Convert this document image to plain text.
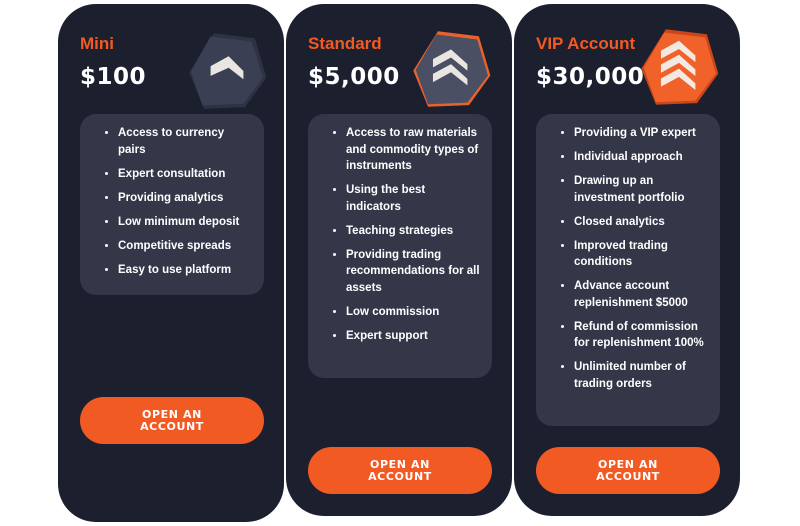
Mini
$100
• Access to currency pairs
• Expert consultation
• Providing analytics
• Low minimum deposit
• Competitive spreads
• Easy to use platform
OPEN AN ACCOUNT
Standard
$5,000
• Access to raw materials and commodity types of instruments
• Using the best indicators
• Teaching strategies
• Providing trading recommendations for all assets
• Low commission
• Expert support
OPEN AN ACCOUNT
VIP Account
$30,000
• Providing a VIP expert
• Individual approach
• Drawing up an investment portfolio
• Closed analytics
• Improved trading conditions
• Advance account replenishment $5000
• Refund of commission for replenishment 100%
• Unlimited number of trading orders
OPEN AN ACCOUNT
